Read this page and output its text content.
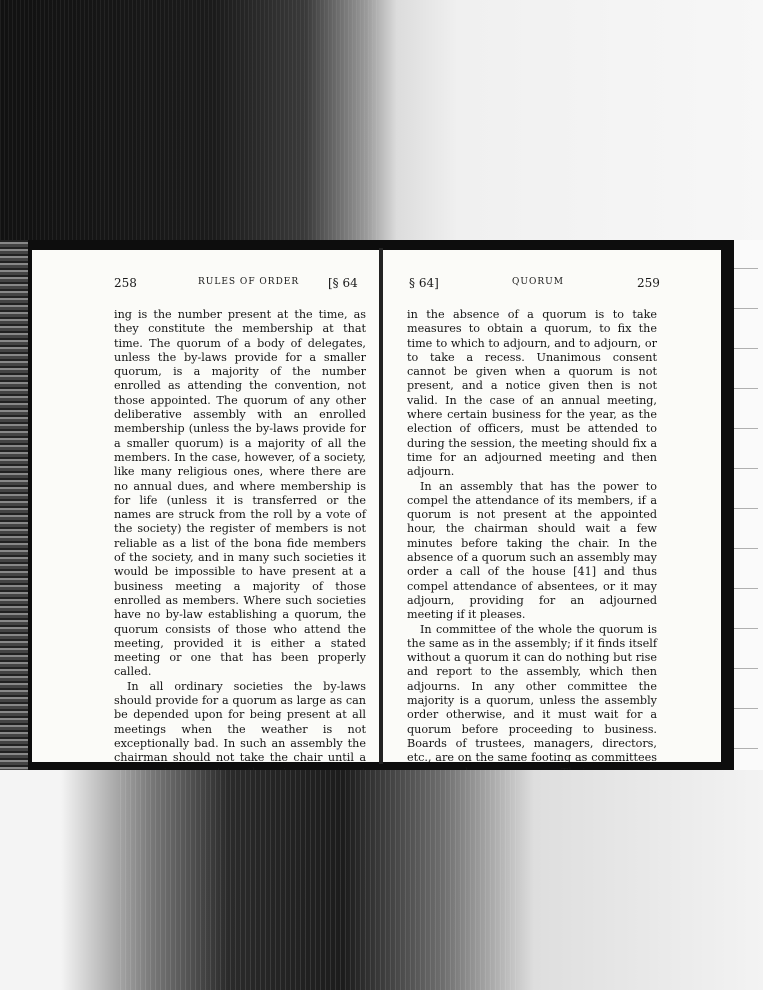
258	RULES OF ORDER [§ 64

ing is the number present at the time, as they constitute the membership at that time. The quorum of a body of delegates, unless the by-laws provide for a smaller quorum, is a majority of the number enrolled as attending the convention, not those appointed. The quorum of any other deliberative assembly with an enrolled membership (unless the by-laws provide for a smaller quorum) is a majority of all the members. In the case, however, of a society, like many religious ones, where there are no annual dues, and where membership is for life (unless it is transferred or the names are struck from the roll by a vote of the society) the register of members is not reliable as a list of the bona fide members of the society, and in many such societies it would be impossible to have present at a business meeting a majority of those enrolled as members. Where such societies have no by-law establishing a quorum, the quorum consists of those who attend the meeting, provided it is either a stated meeting or one that has been properly called.

In all ordinary societies the by-laws should provide for a quorum as large as can be depended upon for being present at all meetings when the weather is not exceptionally bad. In such an assembly the chairman should not take the chair until a

§ 64]	QUORUM	259

in the absence of a quorum is to take measures to obtain a quorum, to fix the time to which to adjourn, and to adjourn, or to take a recess. Unanimous consent cannot be given when a quorum is not present, and a notice given then is not valid. In the case of an annual meeting, where certain business for the year, as the election of officers, must be attended to during the session, the meeting should fix a time for an adjourned meeting and then adjourn.

In an assembly that has the power to compel the attendance of its members, if a quorum is not present at the appointed hour, the chairman should wait a few minutes before taking the chair. In the absence of a quorum such an assembly may order a call of the house [41] and thus compel attendance of absentees, or it may adjourn, providing for an adjourned meeting if it pleases.

In committee of the whole the quorum is the same as in the assembly; if it finds itself without a quorum it can do nothing but rise and report to the assembly, which then adjourns. In any other committee the majority is a quorum, unless the assembly order otherwise, and it must wait for a quorum before proceeding to business. Boards of trustees, managers, directors, etc., are on the same footing as committees
